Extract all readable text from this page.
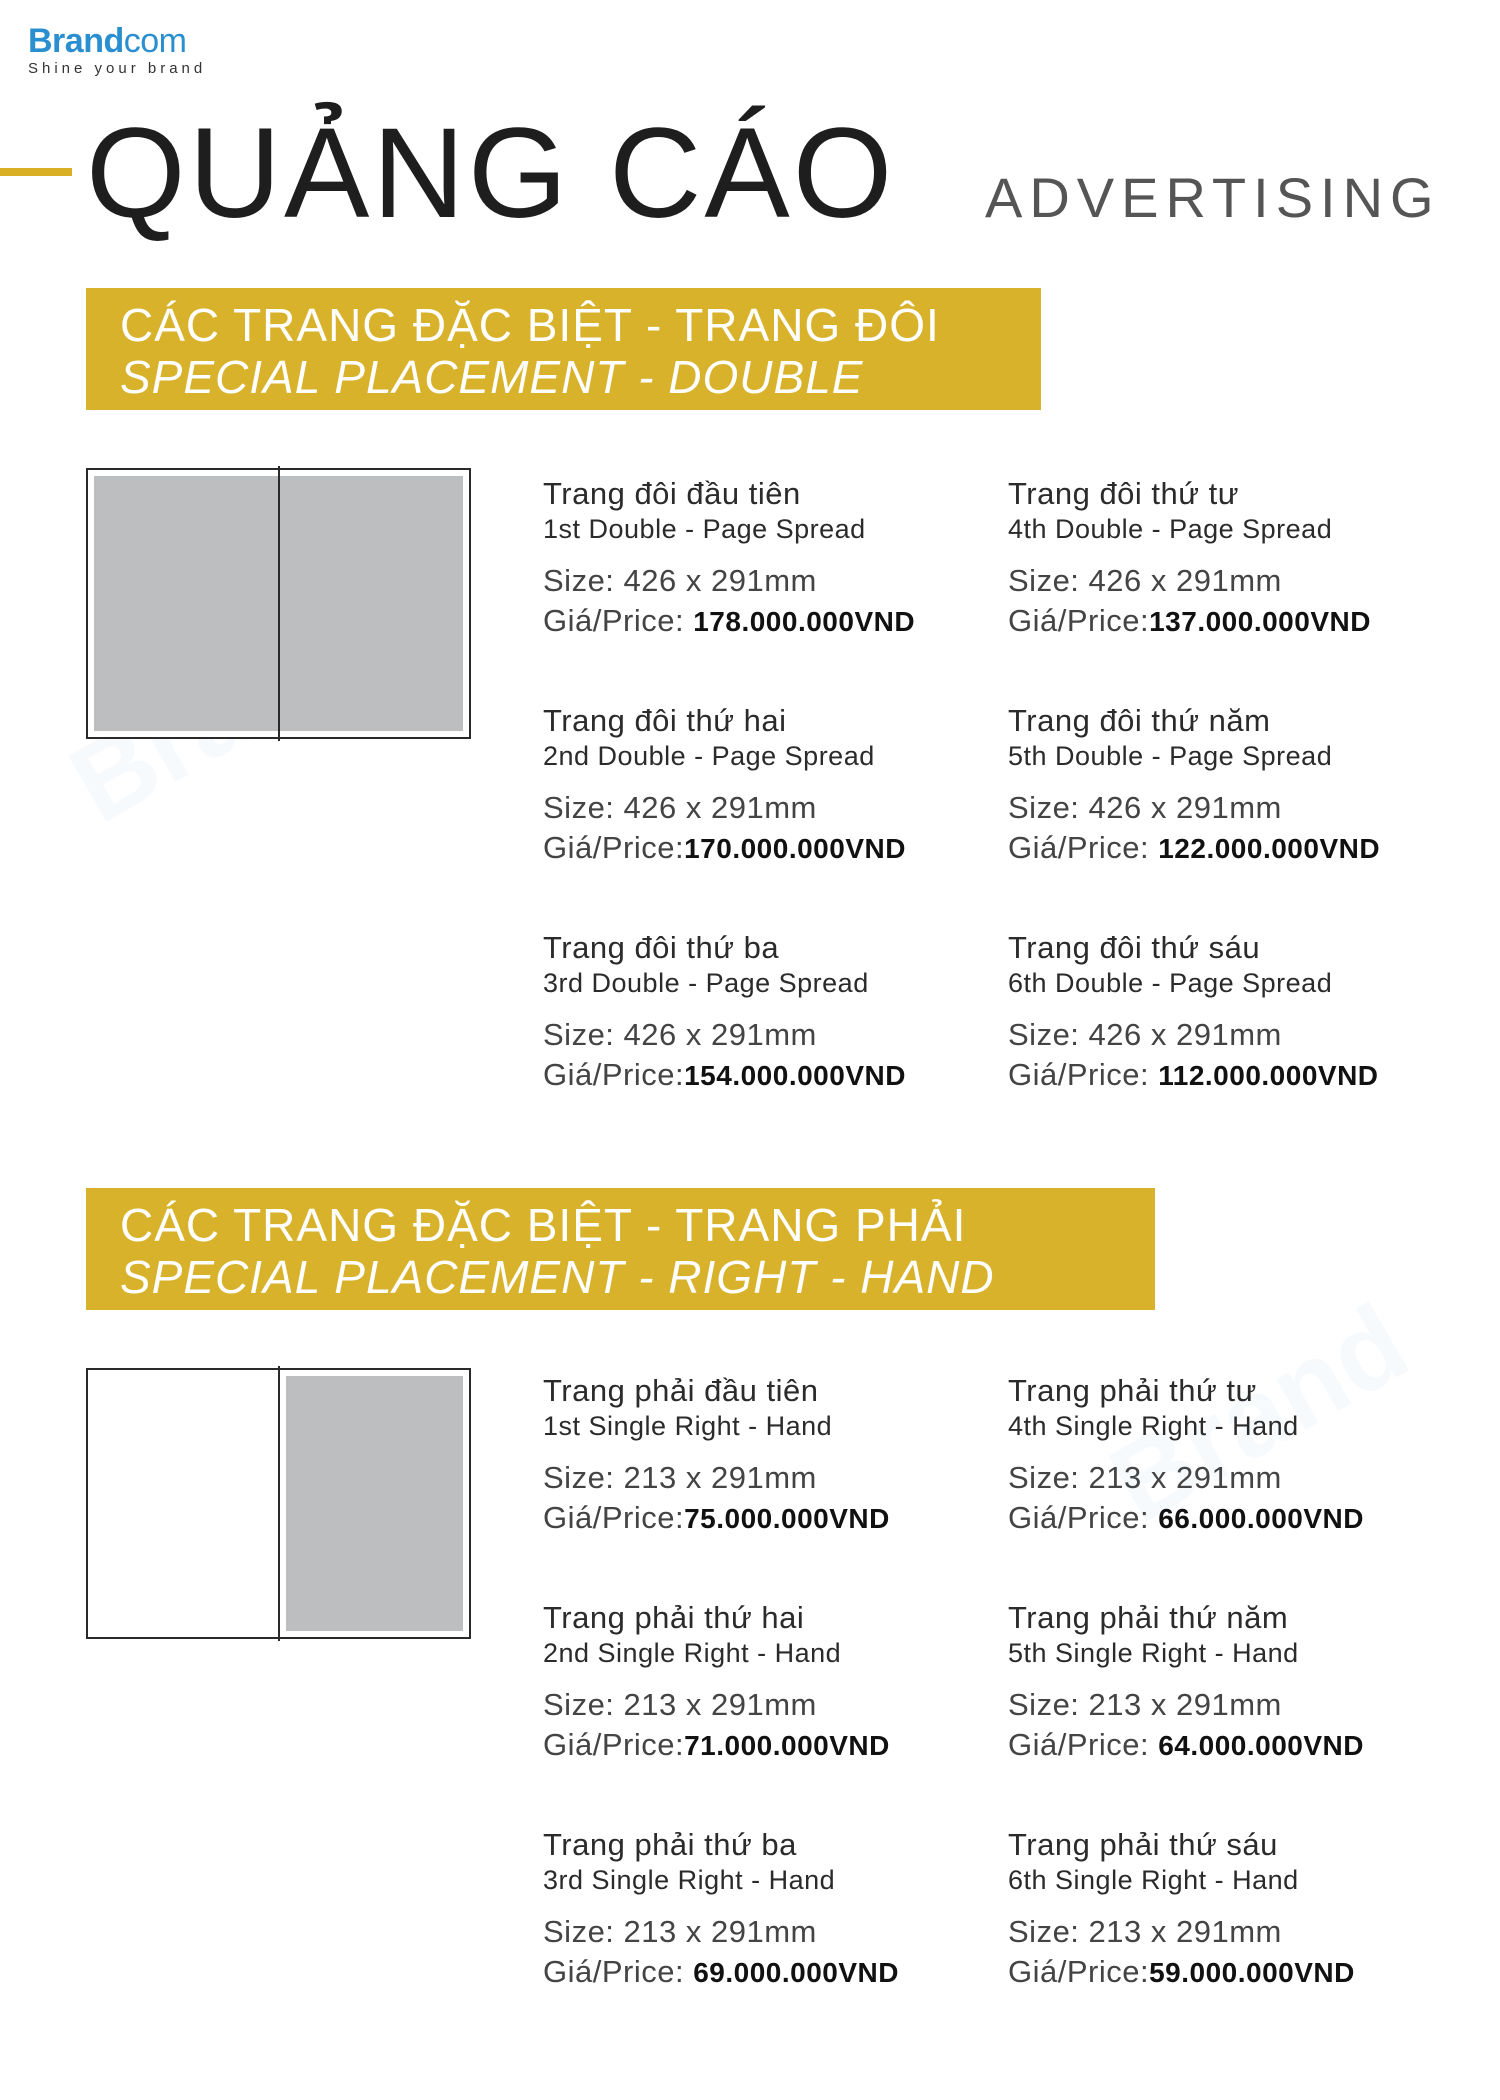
Brandcom
Shine your brand
QUẢNG CÁO ADVERTISING
CÁC TRANG ĐẶC BIỆT - TRANG ĐÔI
SPECIAL PLACEMENT - DOUBLE PAGE
Trang đôi đầu tiên
1st Double - Page Spread
Size: 426 x 291mm
Giá/Price: 178.000.000VND
Trang đôi thứ tư
4th Double - Page Spread
Size: 426 x 291mm
Giá/Price:137.000.000VND
Trang đôi thứ hai
2nd Double - Page Spread
Size: 426 x 291mm
Giá/Price:170.000.000VND
Trang đôi thứ năm
5th Double - Page Spread
Size: 426 x 291mm
Giá/Price: 122.000.000VND
Trang đôi thứ ba
3rd Double - Page Spread
Size: 426 x 291mm
Giá/Price:154.000.000VND
Trang đôi thứ sáu
6th Double - Page Spread
Size: 426 x 291mm
Giá/Price: 112.000.000VND
CÁC TRANG ĐẶC BIỆT - TRANG PHẢI
SPECIAL PLACEMENT - RIGHT - HAND PAGE
Trang phải đầu tiên
1st Single Right - Hand
Size: 213 x 291mm
Giá/Price:75.000.000VND
Trang phải thứ tư
4th Single Right - Hand
Size: 213 x 291mm
Giá/Price: 66.000.000VND
Trang phải thứ hai
2nd Single Right - Hand
Size: 213 x 291mm
Giá/Price:71.000.000VND
Trang phải thứ năm
5th Single Right - Hand
Size: 213 x 291mm
Giá/Price: 64.000.000VND
Trang phải thứ ba
3rd Single Right - Hand
Size: 213 x 291mm
Giá/Price: 69.000.000VND
Trang phải thứ sáu
6th Single Right - Hand
Size: 213 x 291mm
Giá/Price:59.000.000VND
